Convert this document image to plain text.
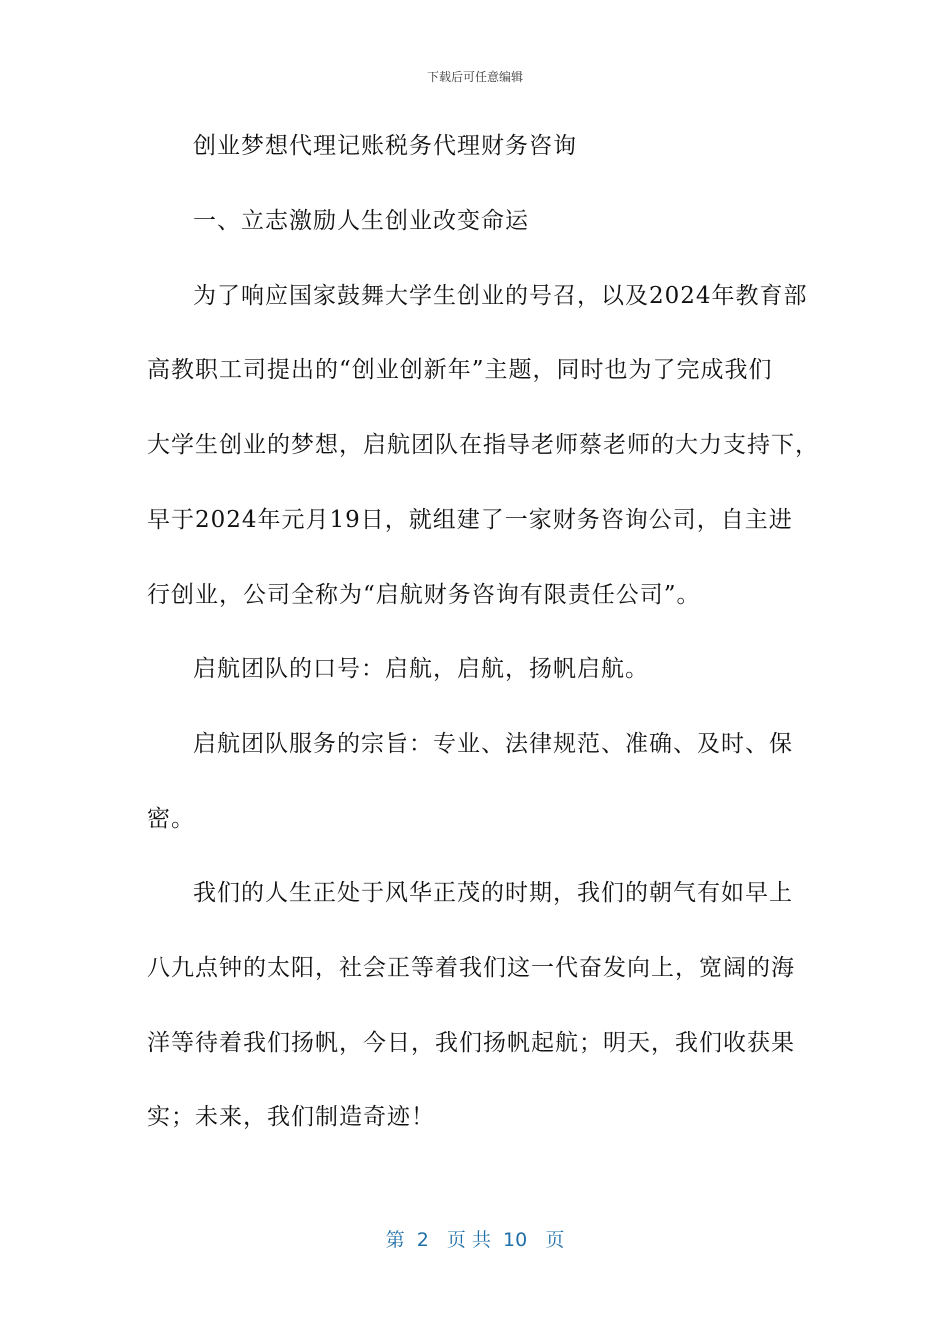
下载后可任意编辑
创业梦想代理记账税务代理财务咨询
一、立志激励人生创业改变命运
为了响应国家鼓舞大学生创业的号召，以及2024年教育部
高教职工司提出的“创业创新年”主题，同时也为了完成我们
大学生创业的梦想，启航团队在指导老师蔡老师的大力支持下，
早于2024年元月19日，就组建了一家财务咨询公司，自主进
行创业，公司全称为“启航财务咨询有限责任公司”。
启航团队的口号：启航，启航，扬帆启航。
启航团队服务的宗旨：专业、法律规范、准确、及时、保
密。
我们的人生正处于风华正茂的时期，我们的朝气有如早上
八九点钟的太阳，社会正等着我们这一代奋发向上，宽阔的海
洋等待着我们扬帆，今日，我们扬帆起航；明天，我们收获果
实；未来，我们制造奇迹！
第  2   页 共  10   页
